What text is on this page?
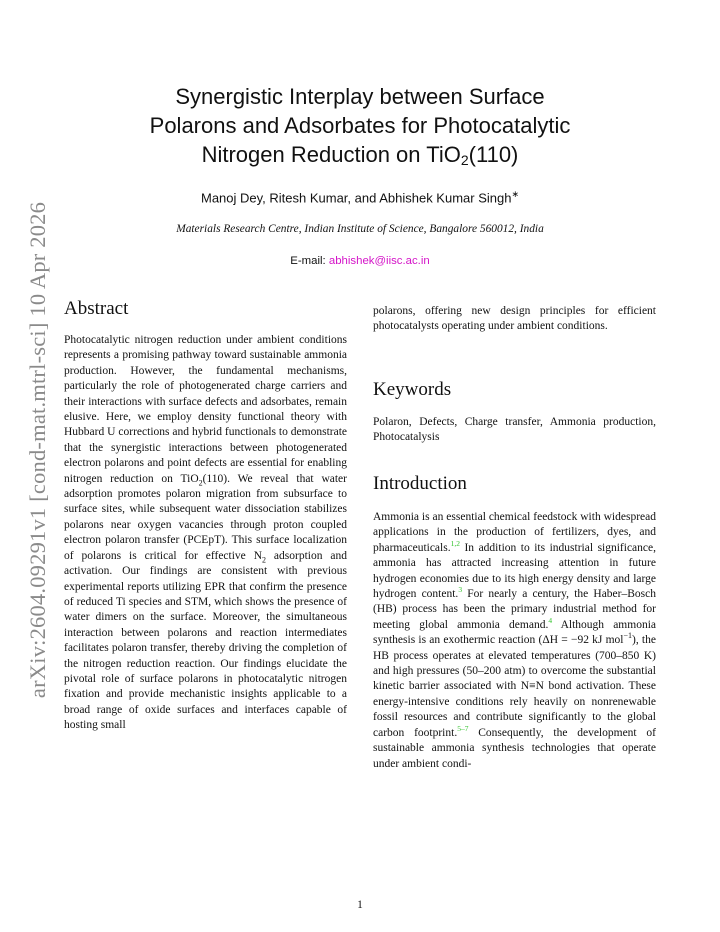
arXiv:2604.09291v1 [cond-mat.mtrl-sci] 10 Apr 2026
Synergistic Interplay between Surface
Polarons and Adsorbates for Photocatalytic
Nitrogen Reduction on TiO$_2$(110)
Manoj Dey, Ritesh Kumar, and Abhishek Kumar Singh∗
Materials Research Centre, Indian Institute of Science, Bangalore 560012, India
E-mail: abhishek@iisc.ac.in
Abstract

Photocatalytic nitrogen reduction under ambient conditions represents a promising pathway toward sustainable ammonia production. However, the fundamental mechanisms, particularly the role of photogenerated charge carriers and their interactions with surface defects and adsorbates, remain elusive. Here, we employ density functional theory with Hubbard U corrections and hybrid functionals to demonstrate that the synergistic interactions between photogenerated electron polarons and point defects are essential for enabling nitrogen reduction on TiO$_2$(110). We reveal that water adsorption promotes polaron migration from subsurface to surface sites, while subsequent water dissociation stabilizes polarons near oxygen vacancies through proton coupled electron polaron transfer (PCEpT). This surface localization of polarons is critical for effective $N_2$ adsorption and activation. Our findings are consistent with previous experimental reports utilizing EPR that confirm the presence of reduced Ti species and STM, which shows the presence of water dimers on the surface. Moreover, the simultaneous interaction between polarons and reaction intermediates facilitates polaron transfer, thereby driving the completion of the nitrogen reduction reaction. Our findings elucidate the pivotal role of surface polarons in photocatalytic nitrogen fixation and provide mechanistic insights applicable to a broad range of oxide surfaces and interfaces capable of hosting small

polarons, offering new design principles for efficient photocatalysts operating under ambient conditions.

Keywords

Polaron, Defects, Charge transfer, Ammonia production, Photocatalysis

Introduction

Ammonia is an essential chemical feedstock with widespread applications in the production of fertilizers, dyes, and pharmaceuticals.$^{1,2}$ In addition to its industrial significance, ammonia has attracted increasing attention in future hydrogen economies due to its high energy density and large hydrogen content.$^3$ For nearly a century, the Haber–Bosch (HB) process has been the primary industrial method for meeting global ammonia demand.$^4$ Although ammonia synthesis is an exothermic reaction (ΔH = −92 kJ mol$^{-1}$), the HB process operates at elevated temperatures (700–850 K) and high pressures (50–200 atm) to overcome the substantial kinetic barrier associated with N≡N bond activation. These energy-intensive conditions rely heavily on nonrenewable fossil resources and contribute significantly to the global carbon footprint.$^{5-7}$ Consequently, the development of sustainable ammonia synthesis technologies that operate under ambient condi-

1
